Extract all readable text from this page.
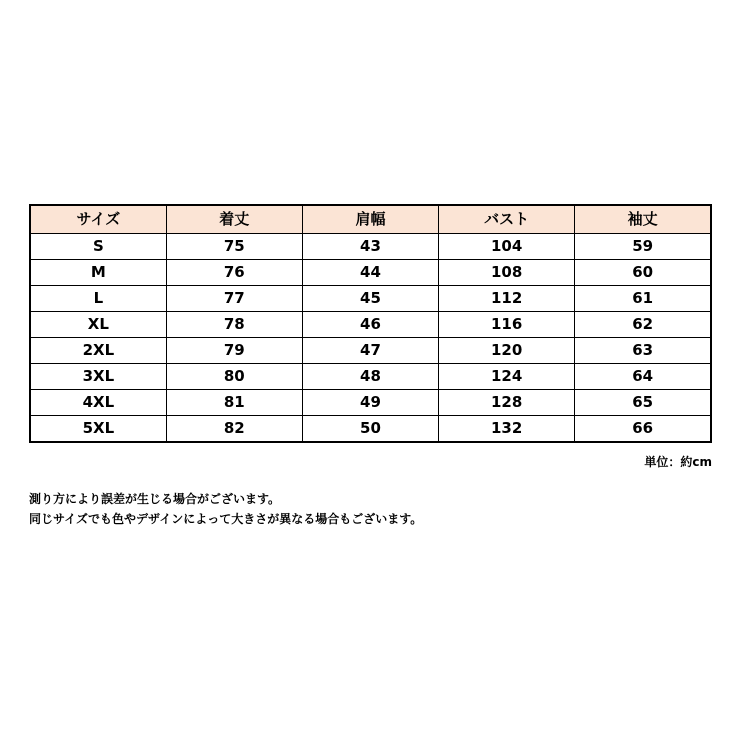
サイズ	着丈	肩幅	バスト	袖丈
S	75	43	104	59
M	76	44	108	60
L	77	45	112	61
XL	78	46	116	62
2XL	79	47	120	63
3XL	80	48	124	64
4XL	81	49	128	65
5XL	82	50	132	66
単位：約cm

測り方により誤差が生じる場合がございます。

同じサイズでも色やデザインによって大きさが異なる場合もございます。
